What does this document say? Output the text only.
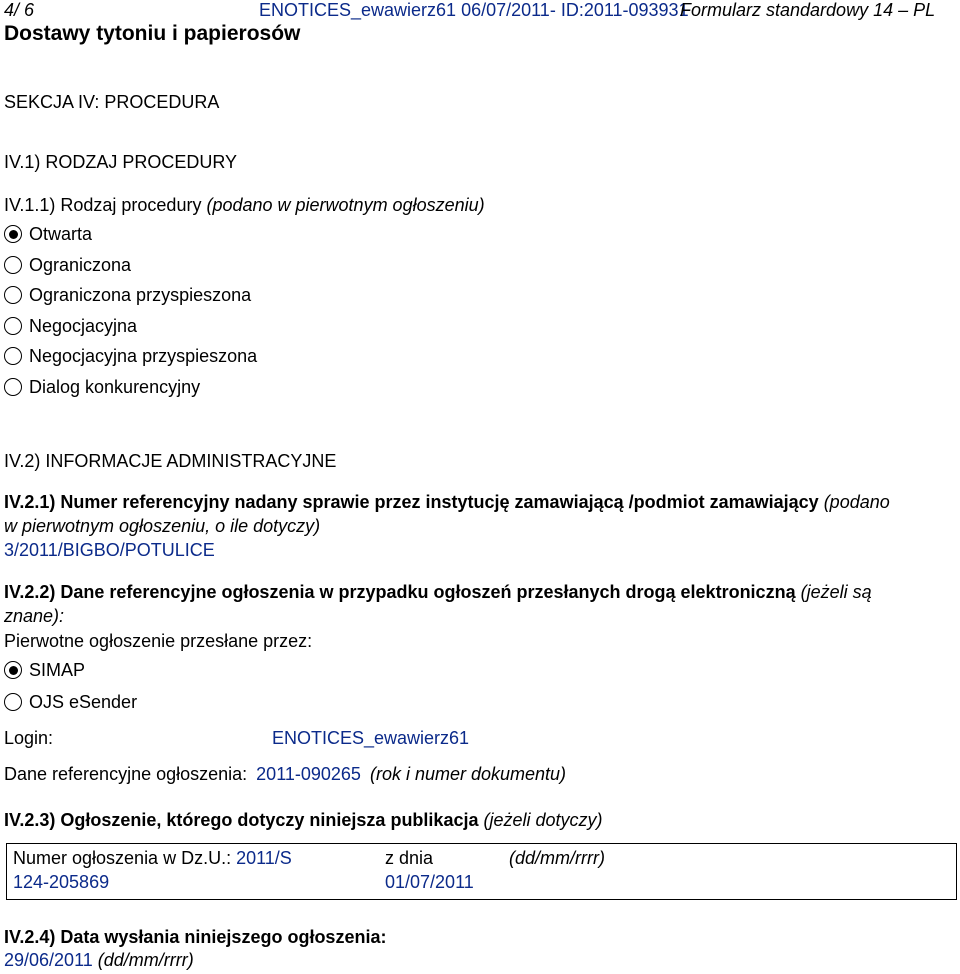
4/ 6	ENOTICES_ewawierz61 06/07/2011- ID:2011-093931
Formularz standardowy 14 – PL
Dostawy tytoniu i papierosów
SEKCJA IV: PROCEDURA
IV.1) RODZAJ PROCEDURY
IV.1.1) Rodzaj procedury (podano w pierwotnym ogłoszeniu)
Otwarta
Ograniczona
Ograniczona przyspieszona
Negocjacyjna
Negocjacyjna przyspieszona
Dialog konkurencyjny
IV.2) INFORMACJE ADMINISTRACYJNE
IV.2.1) Numer referencyjny nadany sprawie przez instytucję zamawiającą /podmiot zamawiający (podano
w pierwotnym ogłoszeniu, o ile dotyczy)
3/2011/BIGBO/POTULICE
IV.2.2) Dane referencyjne ogłoszenia w przypadku ogłoszeń przesłanych drogą elektroniczną (jeżeli są
znane):
Pierwotne ogłoszenie przesłane przez:
SIMAP
OJS eSender
Login:	ENOTICES_ewawierz61
Dane referencyjne ogłoszenia: 2011-090265 (rok i numer dokumentu)
IV.2.3) Ogłoszenie, którego dotyczy niniejsza publikacja (jeżeli dotyczy)
Numer ogłoszenia w Dz.U.: 2011/S
124-205869
z dnia
01/07/2011
(dd/mm/rrrr)
IV.2.4) Data wysłania niniejszego ogłoszenia:
29/06/2011 (dd/mm/rrrr)
